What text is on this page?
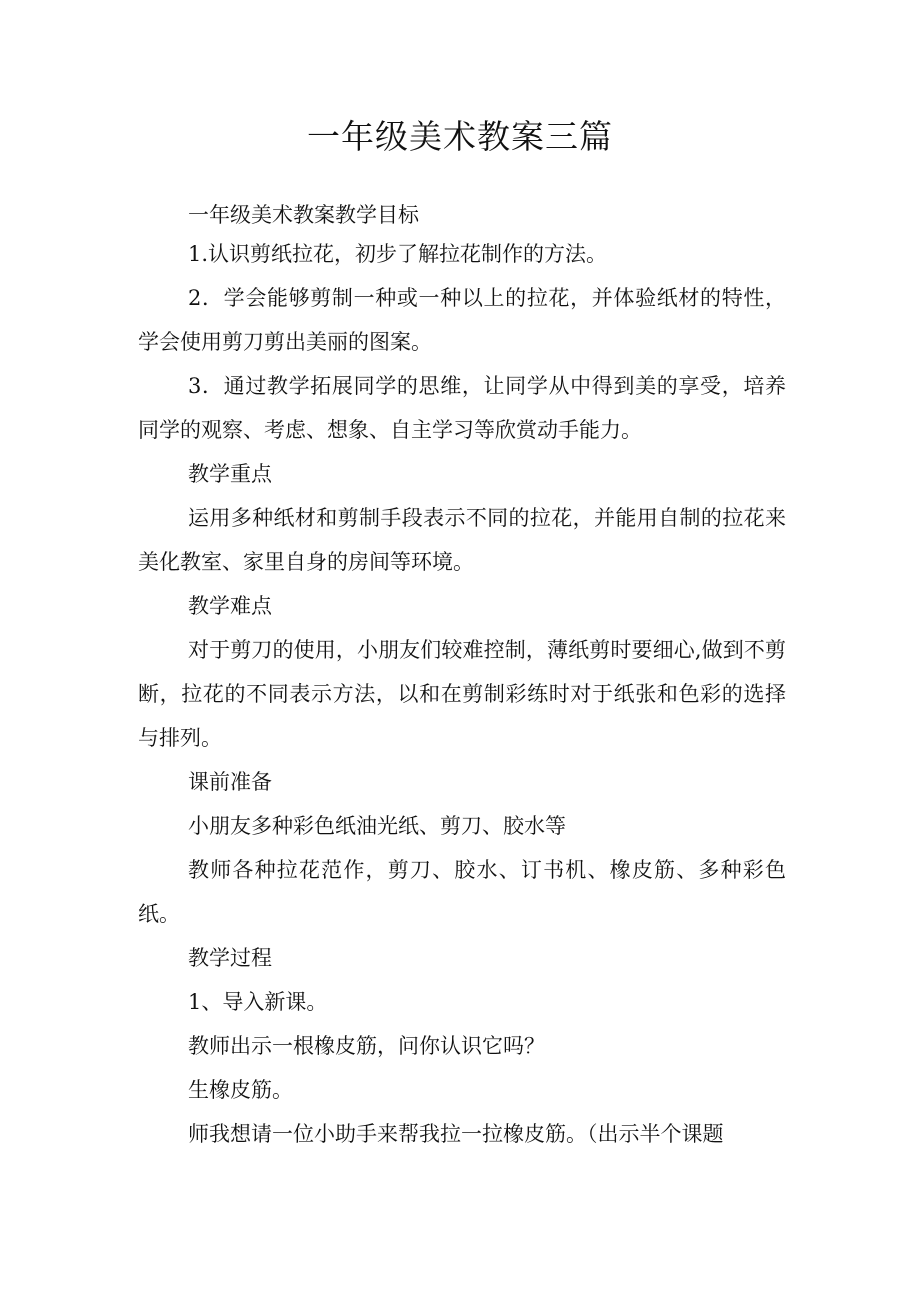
一年级美术教案三篇

一年级美术教案教学目标

1.认识剪纸拉花，初步了解拉花制作的方法。

2．学会能够剪制一种或一种以上的拉花，并体验纸材的特性，学会使用剪刀剪出美丽的图案。

3．通过教学拓展同学的思维，让同学从中得到美的享受，培养同学的观察、考虑、想象、自主学习等欣赏动手能力。

教学重点

运用多种纸材和剪制手段表示不同的拉花，并能用自制的拉花来美化教室、家里自身的房间等环境。

教学难点

对于剪刀的使用，小朋友们较难控制，薄纸剪时要细心,做到不剪断，拉花的不同表示方法，以和在剪制彩练时对于纸张和色彩的选择与排列。

课前准备

小朋友多种彩色纸油光纸、剪刀、胶水等

教师各种拉花范作，剪刀、胶水、订书机、橡皮筋、多种彩色纸。

教学过程

1、导入新课。

教师出示一根橡皮筋，问你认识它吗？

生橡皮筋。

师我想请一位小助手来帮我拉一拉橡皮筋。（出示半个课题
